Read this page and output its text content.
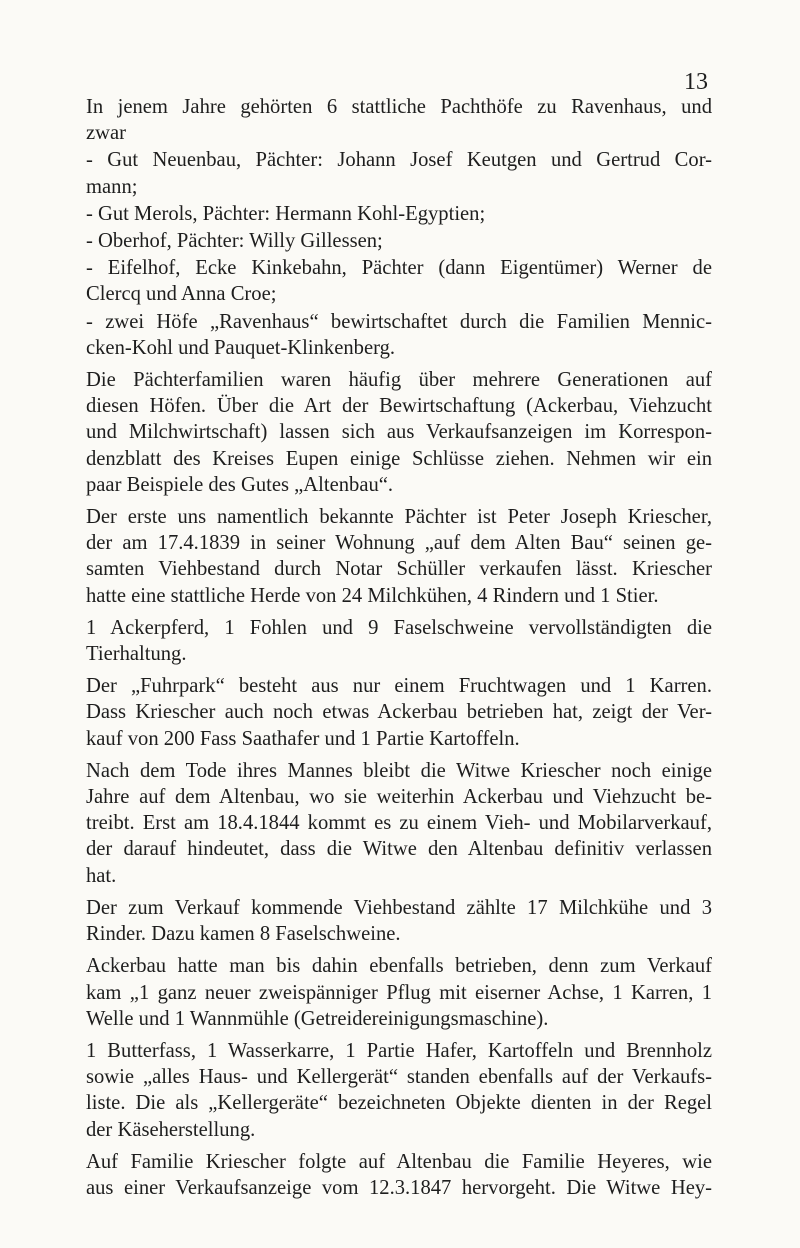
13

In jenem Jahre gehörten 6 stattliche Pachthöfe zu Ravenhaus, und
zwar

- Gut Neuenbau, Pächter: Johann Josef Keutgen und Gertrud Cor-
mann;

- Gut Merols, Pächter: Hermann Kohl-Egyptien;

- Oberhof, Pächter: Willy Gillessen;

- Eifelhof, Ecke Kinkebahn, Pächter (dann Eigentümer) Werner de
Clercq und Anna Croe;

- zwei Höfe „Ravenhaus“ bewirtschaftet durch die Familien Mennic-
cken-Kohl und Pauquet-Klinkenberg.

Die Pächterfamilien waren häufig über mehrere Generationen auf
diesen Höfen. Über die Art der Bewirtschaftung (Ackerbau, Viehzucht
und Milchwirtschaft) lassen sich aus Verkaufsanzeigen im Korrespon-
denzblatt des Kreises Eupen einige Schlüsse ziehen. Nehmen wir ein
paar Beispiele des Gutes „Altenbau“.

Der erste uns namentlich bekannte Pächter ist Peter Joseph Kriescher,
der am 17.4.1839 in seiner Wohnung „auf dem Alten Bau“ seinen ge-
samten Viehbestand durch Notar Schüller verkaufen lässt. Kriescher
hatte eine stattliche Herde von 24 Milchkühen, 4 Rindern und 1 Stier.

1 Ackerpferd, 1 Fohlen und 9 Faselschweine vervollständigten die
Tierhaltung.

Der „Fuhrpark“ besteht aus nur einem Fruchtwagen und 1 Karren.
Dass Kriescher auch noch etwas Ackerbau betrieben hat, zeigt der Ver-
kauf von 200 Fass Saathafer und 1 Partie Kartoffeln.

Nach dem Tode ihres Mannes bleibt die Witwe Kriescher noch einige
Jahre auf dem Altenbau, wo sie weiterhin Ackerbau und Viehzucht be-
treibt. Erst am 18.4.1844 kommt es zu einem Vieh- und Mobilarverkauf,
der darauf hindeutet, dass die Witwe den Altenbau definitiv verlassen
hat.

Der zum Verkauf kommende Viehbestand zählte 17 Milchkühe und 3
Rinder. Dazu kamen 8 Faselschweine.

Ackerbau hatte man bis dahin ebenfalls betrieben, denn zum Verkauf
kam „1 ganz neuer zweispänniger Pflug mit eiserner Achse, 1 Karren, 1
Welle und 1 Wannmühle (Getreidereinigungsmaschine).

1 Butterfass, 1 Wasserkarre, 1 Partie Hafer, Kartoffeln und Brennholz
sowie „alles Haus- und Kellergerät“ standen ebenfalls auf der Verkaufs-
liste. Die als „Kellergeräte“ bezeichneten Objekte dienten in der Regel
der Käseherstellung.

Auf Familie Kriescher folgte auf Altenbau die Familie Heyeres, wie
aus einer Verkaufsanzeige vom 12.3.1847 hervorgeht. Die Witwe Hey-
